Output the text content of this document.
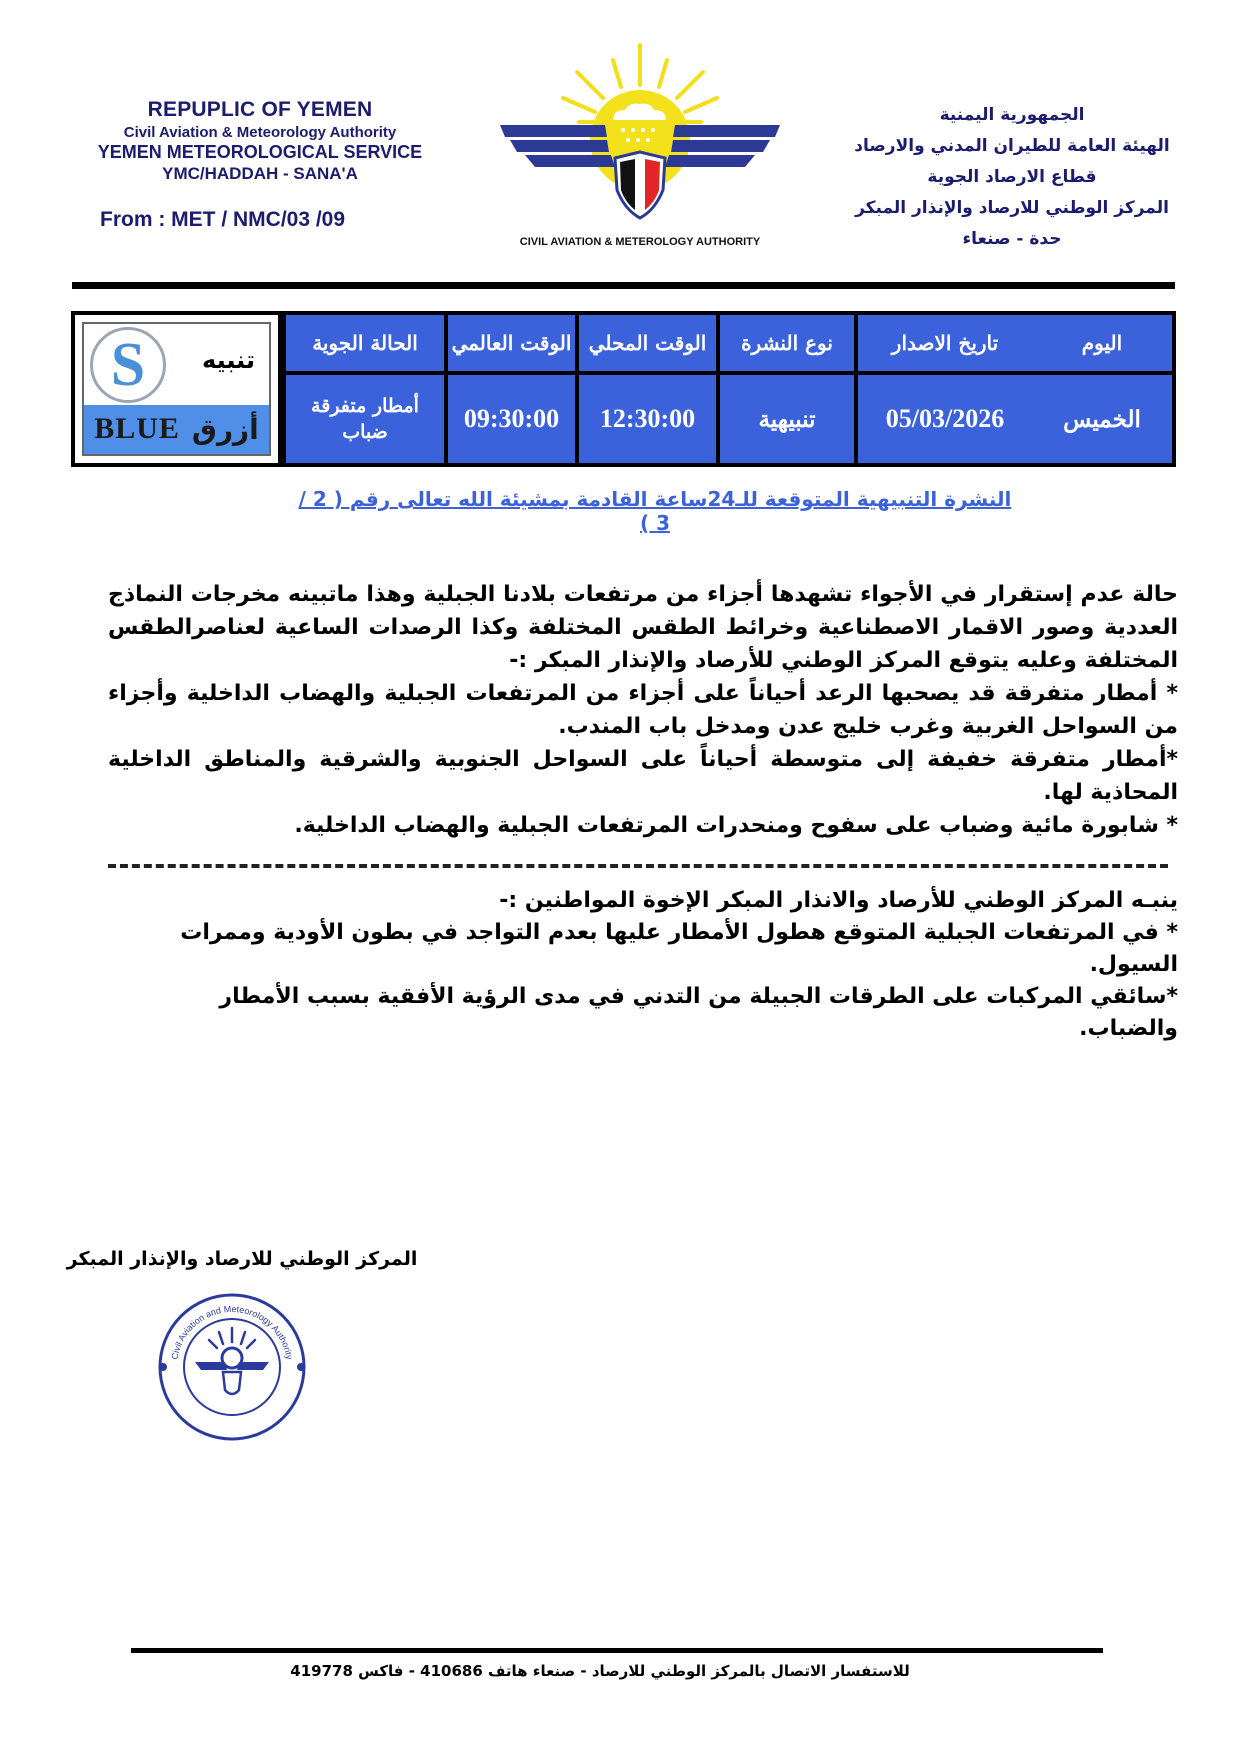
REPUPLIC OF YEMEN
Civil Aviation & Meteorology Authority
YEMEN METEOROLOGICAL SERVICE
YMC/HADDAH - SANA'A
From : MET / NMC/03 /09
CIVIL AVIATION & METEROLOGY AUTHORITY
الجمهورية اليمنية
الهيئة العامة للطيران المدني والارصاد
قطاع الارصاد الجوية
المركز الوطني للارصاد والإنذار المبكر
حدة - صنعاء
S	تنبيه
BLUE أزرق
اليوم
الخميس
تاريخ الاصدار
05/03/2026
نوع النشرة
تنبيهية
الوقت المحلي
12:30:00
الوقت العالمي
09:30:00
الحالة الجوية
أمطار متفرقة ضباب
النشرة التنبيهية المتوقعة للـ24ساعة القادمة بمشيئة الله تعالى رقم ( 2 / 3 )

حالة عدم إستقرار في الأجواء تشهدها أجزاء من مرتفعات بلادنا الجبلية وهذا ماتبينه مخرجات النماذج العددية وصور الاقمار الاصطناعية وخرائط الطقس المختلفة وكذا الرصدات الساعية لعناصرالطقس المختلفة وعليه يتوقع المركز الوطني للأرصاد والإنذار المبكر :-

* أمطار متفرقة قد يصحبها الرعد أحياناً على أجزاء من المرتفعات الجبلية والهضاب الداخلية وأجزاء من السواحل الغربية وغرب خليج عدن ومدخل باب المندب.

*أمطار متفرقة خفيفة إلى متوسطة أحياناً على السواحل الجنوبية والشرقية والمناطق الداخلية المحاذية لها.

* شابورة مائية وضباب على سفوح ومنحدرات المرتفعات الجبلية والهضاب الداخلية.

ينبـه المركز الوطني للأرصاد والانذار المبكر الإخوة المواطنين :-

* في المرتفعات الجبلية المتوقع هطول الأمطار عليها بعدم التواجد في بطون الأودية وممرات السيول.

*سائقي المركبات على الطرقات الجبيلة من التدني في مدى الرؤية الأفقية بسبب الأمطار والضباب.

المركز الوطني للارصاد والإنذار المبكر
Civil Aviation and Meteorology Authority
للاستفسار الاتصال بالمركز الوطني للارصاد - صنعاء هاتف 410686 - فاكس 419778
